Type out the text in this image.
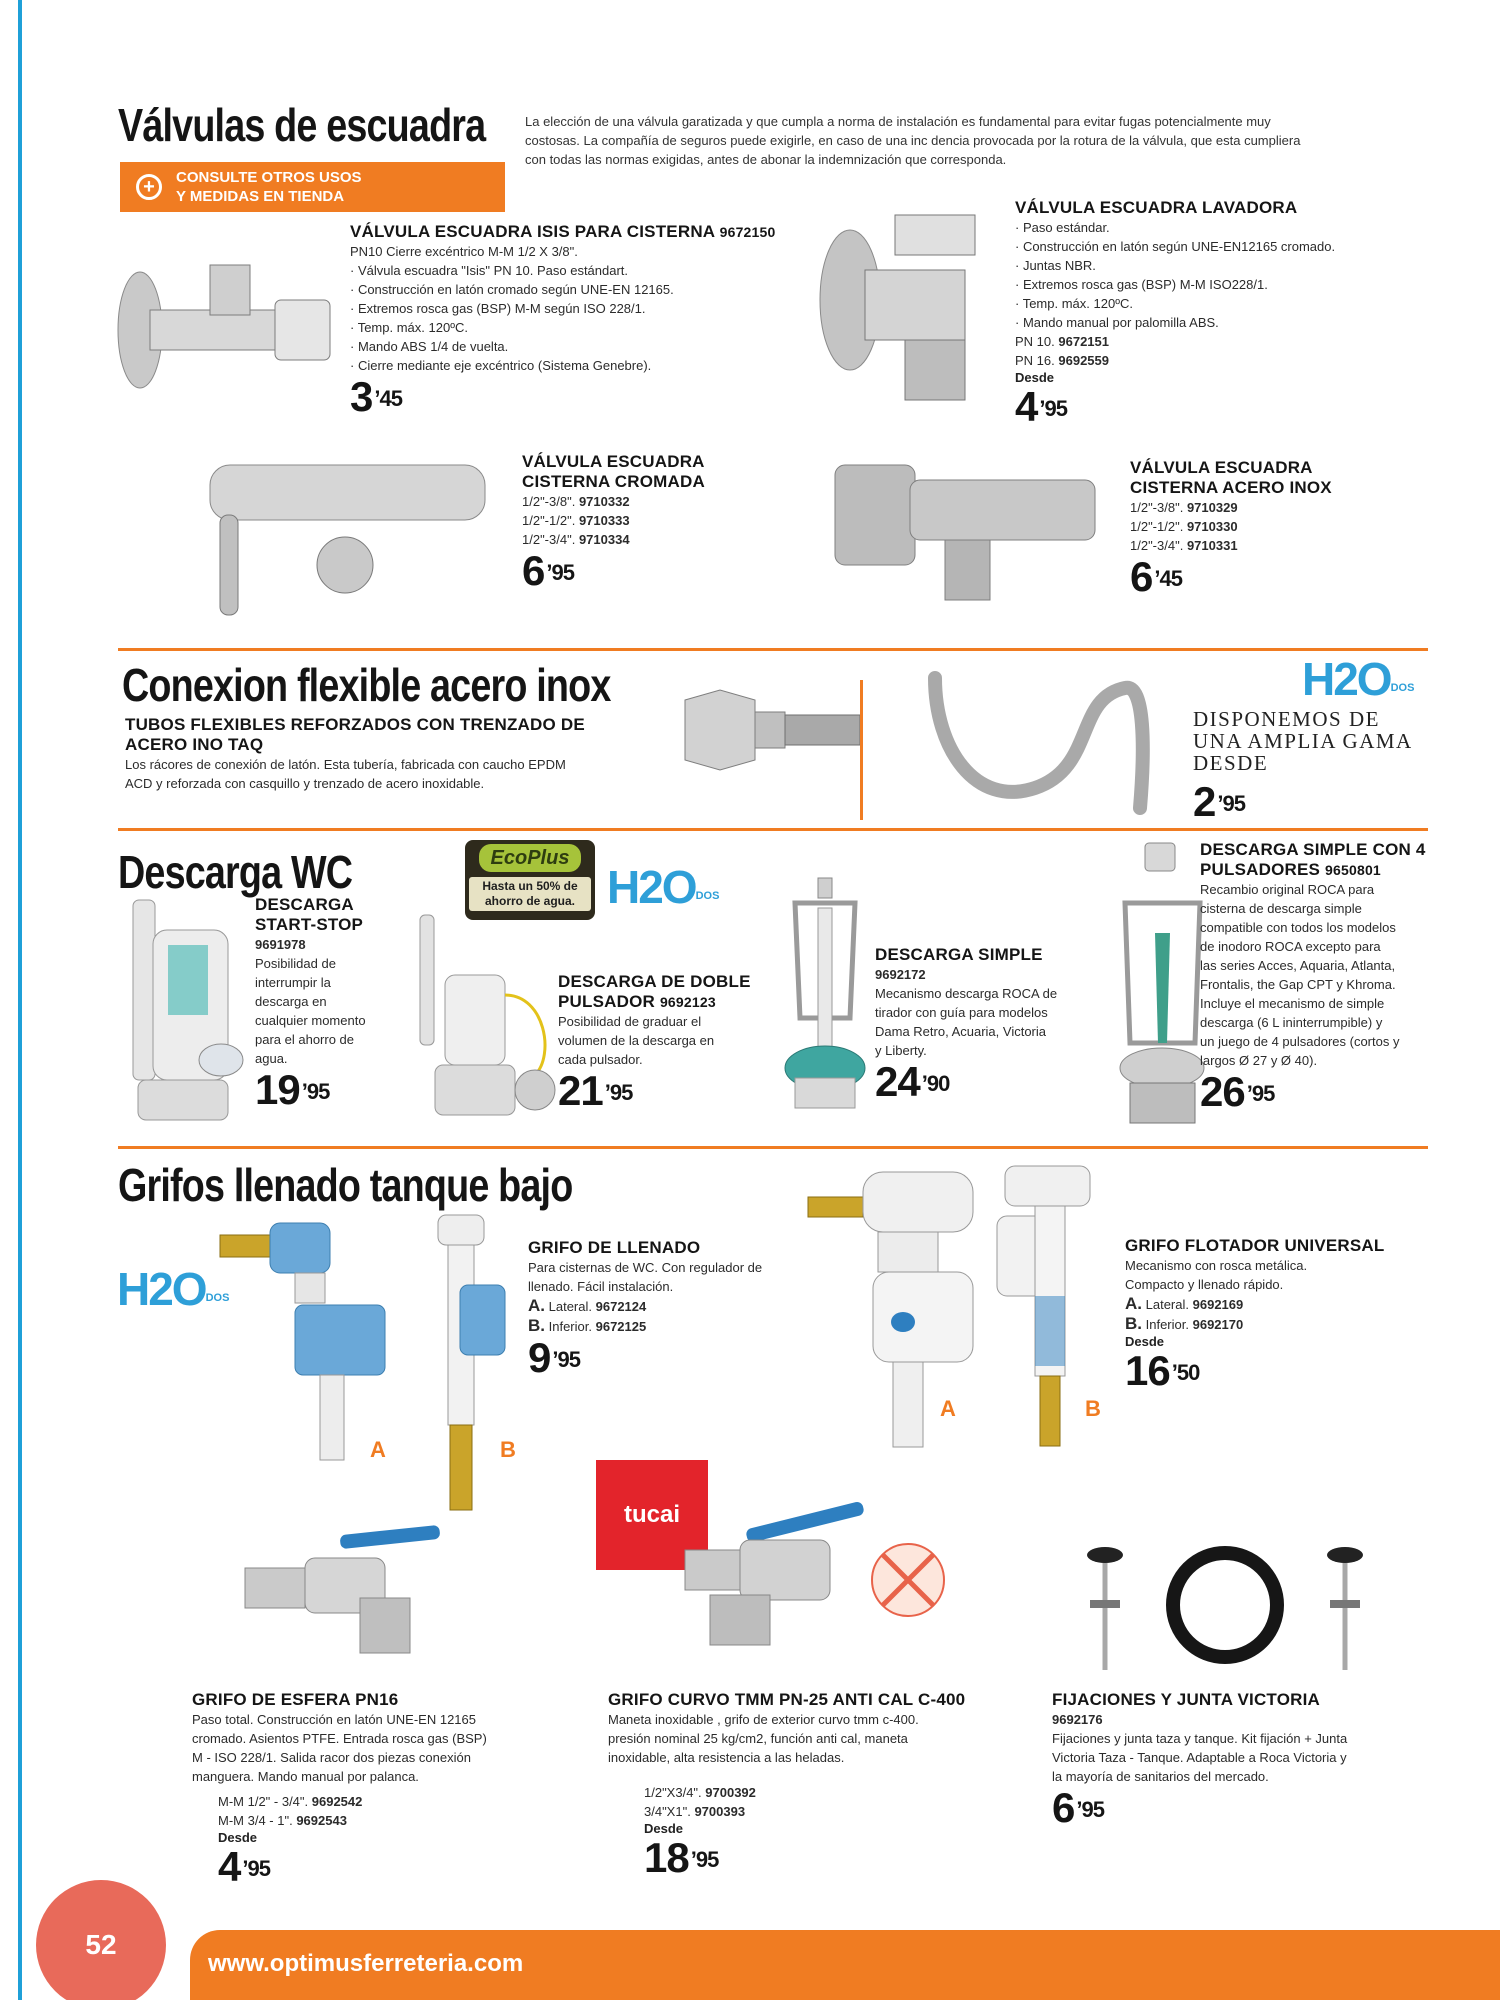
Válvulas de escuadra	La elección de una válvula garatizada y que cumpla a norma de instalación es fundamental para evitar fugas potencialmente muy
costosas. La compañía de seguros puede exigirle, en caso de una inc dencia provocada por la rotura de la válvula, que esta cumpliera
con todas las normas exigidas, antes de abonar la indemnización que corresponda.
+	CONSULTE OTROS USOS
Y MEDIDAS EN TIENDA
VÁLVULA ESCUADRA ISIS PARA CISTERNA 9672150
PN10 Cierre excéntrico M-M 1/2 X 3/8".
· Válvula escuadra "Isis" PN 10. Paso estándart.
· Construcción en latón cromado según UNE-EN 12165.
· Extremos rosca gas (BSP) M-M según ISO 228/1.
· Temp. máx. 120ºC.
· Mando ABS 1/4 de vuelta.
· Cierre mediante eje excéntrico (Sistema Genebre).
$3^{’45}$
VÁLVULA ESCUADRA LAVADORA
· Paso estándar.
· Construcción en latón según UNE-EN12165 cromado.
· Juntas NBR.
· Extremos rosca gas (BSP) M-M ISO228/1.
· Temp. máx. 120ºC.
· Mando manual por palomilla ABS.
PN 10. 9672151
PN 16. 9692559
Desde
$4^{’95}$
VÁLVULA ESCUADRA
CISTERNA CROMADA
1/2"-3/8". 9710332
1/2"-1/2". 9710333
1/2"-3/4". 9710334
$6^{’95}$
VÁLVULA ESCUADRA
CISTERNA ACERO INOX
1/2"-3/8". 9710329
1/2"-1/2". 9710330
1/2"-3/4". 9710331
$6^{’45}$
Conexion flexible acero inox
TUBOS FLEXIBLES REFORZADOS CON TRENZADO DE
ACERO INO TAQ
Los rácores de conexión de latón. Esta tubería, fabricada con caucho EPDM
ACD y reforzada con casquillo y trenzado de acero inoxidable.
H2ODOS
DISPONEMOS DE
UNA AMPLIA GAMA
DESDE
$2^{’95}$
Descarga WC	EcoPlus
Hasta un 50% de
ahorro de agua. H2ODOS
DESCARGA
START-STOP
9691978
Posibilidad de
interrumpir la
descarga en
cualquier momento
para el ahorro de
agua.
$19^{’95}$
DESCARGA DE DOBLE
PULSADOR 9692123
Posibilidad de graduar el
volumen de la descarga en
cada pulsador.
$21^{’95}$
DESCARGA SIMPLE
9692172
Mecanismo descarga ROCA de
tirador con guía para modelos
Dama Retro, Acuaria, Victoria
y Liberty.
$24^{’90}$
DESCARGA SIMPLE CON 4
PULSADORES 9650801
Recambio original ROCA para
cisterna de descarga simple
compatible con todos los modelos
de inodoro ROCA excepto para
las series Acces, Aquaria, Atlanta,
Frontalis, the Gap CPT y Khroma.
Incluye el mecanismo de simple
descarga (6 L ininterrumpible) y
un juego de 4 pulsadores (cortos y
largos Ø 27 y Ø 40).
$26^{’95}$
Grifos llenado tanque bajo
H2ODOS
A	B
GRIFO DE LLENADO
Para cisternas de WC. Con regulador de
llenado. Fácil instalación.
A. Lateral. 9672124
B. Inferior. 9672125
$9^{’95}$
A	B
GRIFO FLOTADOR UNIVERSAL
Mecanismo con rosca metálica.
Compacto y llenado rápido.
A. Lateral. 9692169
B. Inferior. 9692170
Desde
$16^{’50}$
tucai
GRIFO DE ESFERA PN16
Paso total. Construcción en latón UNE-EN 12165
cromado. Asientos PTFE. Entrada rosca gas (BSP)
M - ISO 228/1. Salida racor dos piezas conexión
manguera. Mando manual por palanca.
M-M 1/2" - 3/4". 9692542
M-M 3/4 - 1". 9692543
Desde
$4^{’95}$
GRIFO CURVO TMM PN-25 ANTI CAL C-400
Maneta inoxidable , grifo de exterior curvo tmm c-400.
presión nominal 25 kg/cm2, función anti cal, maneta
inoxidable, alta resistencia a las heladas.
1/2"X3/4". 9700392
3/4"X1". 9700393
Desde
$18^{’95}$
FIJACIONES Y JUNTA VICTORIA
9692176
Fijaciones y junta taza y tanque. Kit fijación + Junta
Victoria Taza - Tanque. Adaptable a Roca Victoria y
la mayoría de sanitarios del mercado.
$6^{’95}$
www.optimusferreteria.com
52
